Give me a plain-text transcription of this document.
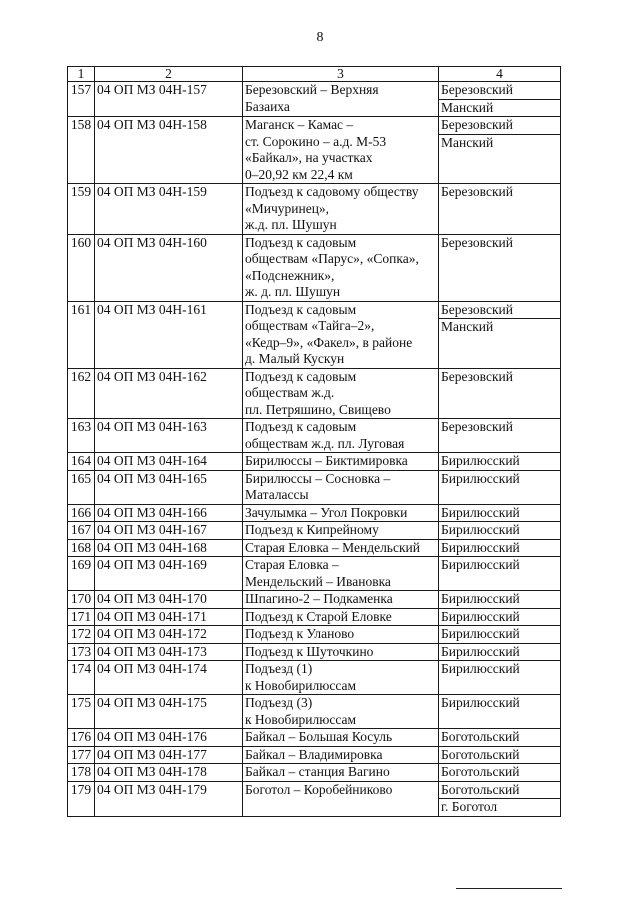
8
1	2	3	4
157	04 ОП МЗ 04Н-157	Березовский – Верхняя
Базаиха	Березовский
Манский

158	04 ОП МЗ 04Н-158	Маганск – Камас –
ст. Сорокино – а.д. М-53
«Байкал», на участках
0–20,92 км 22,4 км	Березовский
Манский

159	04 ОП МЗ 04Н-159	Подъезд к садовому обществу
«Мичуринец»,
ж.д. пл. Шушун	Березовский

160	04 ОП МЗ 04Н-160	Подъезд к садовым
обществам «Парус», «Сопка»,
«Подснежник»,
ж. д. пл. Шушун	Березовский

161	04 ОП МЗ 04Н-161	Подъезд к садовым
обществам «Тайга–2»,
«Кедр–9», «Факел», в районе
д. Малый Кускун	Березовский
Манский

162	04 ОП МЗ 04Н-162	Подъезд к садовым
обществам ж.д.
пл. Петряшино, Свищево	Березовский

163	04 ОП МЗ 04Н-163	Подъезд к садовым
обществам ж.д. пл. Луговая	Березовский

164	04 ОП МЗ 04Н-164	Бирилюссы – Биктимировка	Бирилюсский

165	04 ОП МЗ 04Н-165	Бирилюссы – Сосновка –
Маталассы	Бирилюсский

166	04 ОП МЗ 04Н-166	Зачулымка – Угол Покровки	Бирилюсский

167	04 ОП МЗ 04Н-167	Подъезд к Кипрейному	Бирилюсский

168	04 ОП МЗ 04Н-168	Старая Еловка – Мендельский	Бирилюсский

169	04 ОП МЗ 04Н-169	Старая Еловка –
Мендельский – Ивановка	Бирилюсский

170	04 ОП МЗ 04Н-170	Шпагино-2 – Подкаменка	Бирилюсский

171	04 ОП МЗ 04Н-171	Подъезд к Старой Еловке	Бирилюсский

172	04 ОП МЗ 04Н-172	Подъезд к Уланово	Бирилюсский

173	04 ОП МЗ 04Н-173	Подъезд к Шуточкино	Бирилюсский

174	04 ОП МЗ 04Н-174	Подъезд (1)
к Новобирилюссам	Бирилюсский

175	04 ОП МЗ 04Н-175	Подъезд (3)
к Новобирилюссам	Бирилюсский

176	04 ОП МЗ 04Н-176	Байкал – Большая Косуль	Боготольский

177	04 ОП МЗ 04Н-177	Байкал – Владимировка	Боготольский

178	04 ОП МЗ 04Н-178	Байкал – станция Вагино	Боготольский

179	04 ОП МЗ 04Н-179	Боготол – Коробейниково	Боготольский
г. Боготол
